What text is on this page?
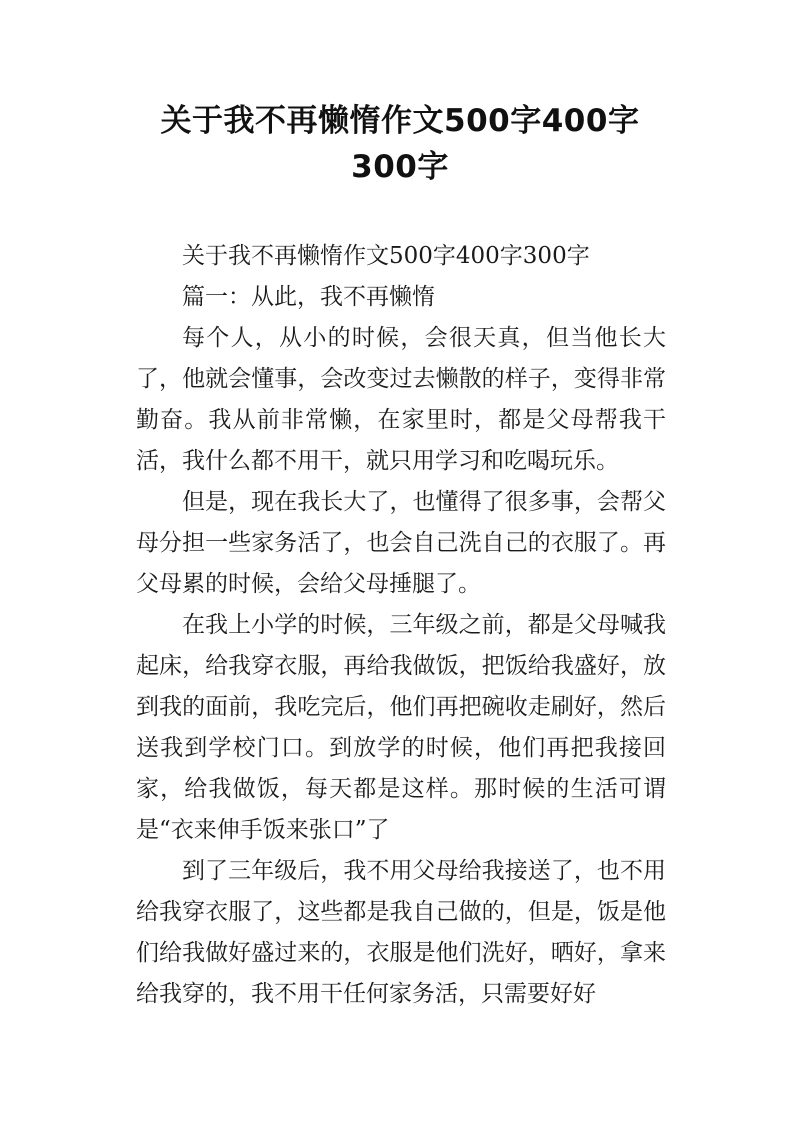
关于我不再懒惰作文500字400字
300字

关于我不再懒惰作文500字400字300字

篇一：从此，我不再懒惰

每个人，从小的时候，会很天真，但当他长大了，他就会懂事，会改变过去懒散的样子，变得非常勤奋。我从前非常懒，在家里时，都是父母帮我干活，我什么都不用干，就只用学习和吃喝玩乐。

但是，现在我长大了，也懂得了很多事，会帮父母分担一些家务活了，也会自己洗自己的衣服了。再父母累的时候，会给父母捶腿了。

在我上小学的时候，三年级之前，都是父母喊我起床，给我穿衣服，再给我做饭，把饭给我盛好，放到我的面前，我吃完后，他们再把碗收走刷好，然后送我到学校门口。到放学的时候，他们再把我接回家，给我做饭，每天都是这样。那时候的生活可谓是“衣来伸手饭来张口”了

到了三年级后，我不用父母给我接送了，也不用给我穿衣服了，这些都是我自己做的，但是，饭是他们给我做好盛过来的，衣服是他们洗好，晒好，拿来给我穿的，我不用干任何家务活，只需要好好
